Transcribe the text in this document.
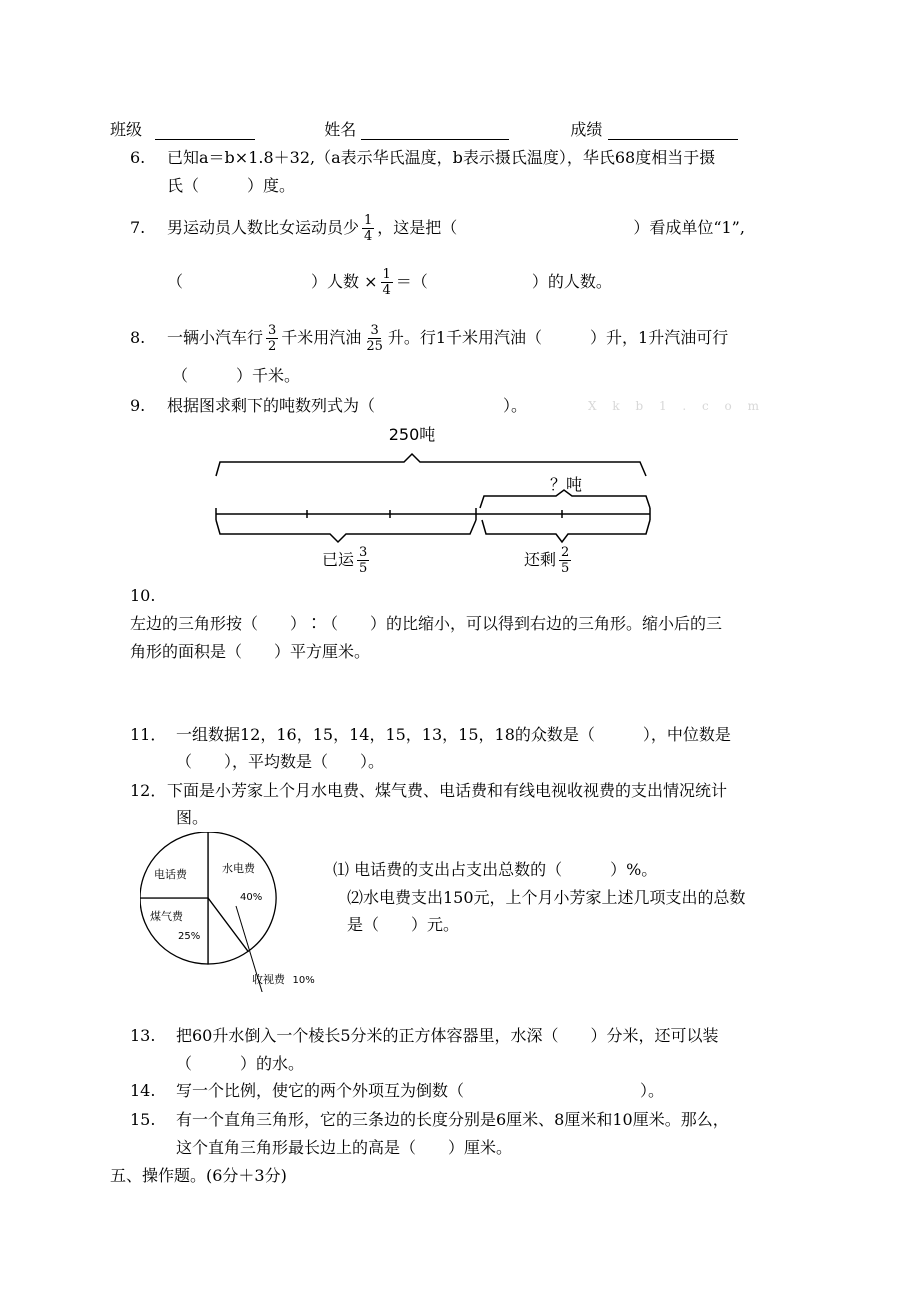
班级	姓名	成绩
6. 已知a＝b×1.8＋32,（a表示华氏温度，b表示摄氏温度），华氏68度相当于摄
氏（　　　）度。
7. 男运动员人数比女运动员少 $\frac{1}{4}$ ，这是把（	）看成单位“1”,
（	）人数 × $\frac{1}{4}$ ＝（	）的人数。
8. 一辆小汽车行 $\frac{3}{2}$ 千米用汽油 $\frac{3}{25}$ 升。行1千米用汽油（　　　）升，1升汽油可行
（　　　）千米。
9. 根据图求剩下的吨数列式为（　　　　　　　　）。	X k b 1 . c o m
250吨
？吨
已运 $\frac{3}{5}$	还剩 $\frac{2}{5}$
10.
左边的三角形按（　　）∶（　　）的比缩小，可以得到右边的三角形。缩小后的三
角形的面积是（　　）平方厘米。
11． 一组数据12，16，15，14，15，13，15，18的众数是（　　　），中位数是
（　　），平均数是（　　）。
12． 下面是小芳家上个月水电费、煤气费、电话费和有线电视收视费的支出情况统计
图。
电话费	水电费
40%
煤气费
25%
收视费 10%
⑴ 电话费的支出占支出总数的（　　　）%。
⑵水电费支出150元，上个月小芳家上述几项支出的总数
是（　　）元。
13. 把60升水倒入一个棱长5分米的正方体容器里，水深（　　）分米，还可以装
（　　　）的水。
14. 写一个比例，使它的两个外项互为倒数（　　　　　　　　　　　）。
15. 有一个直角三角形，它的三条边的长度分别是6厘米、8厘米和10厘米。那么，
这个直角三角形最长边上的高是（　　）厘米。
五、操作题。(6分＋3分)
